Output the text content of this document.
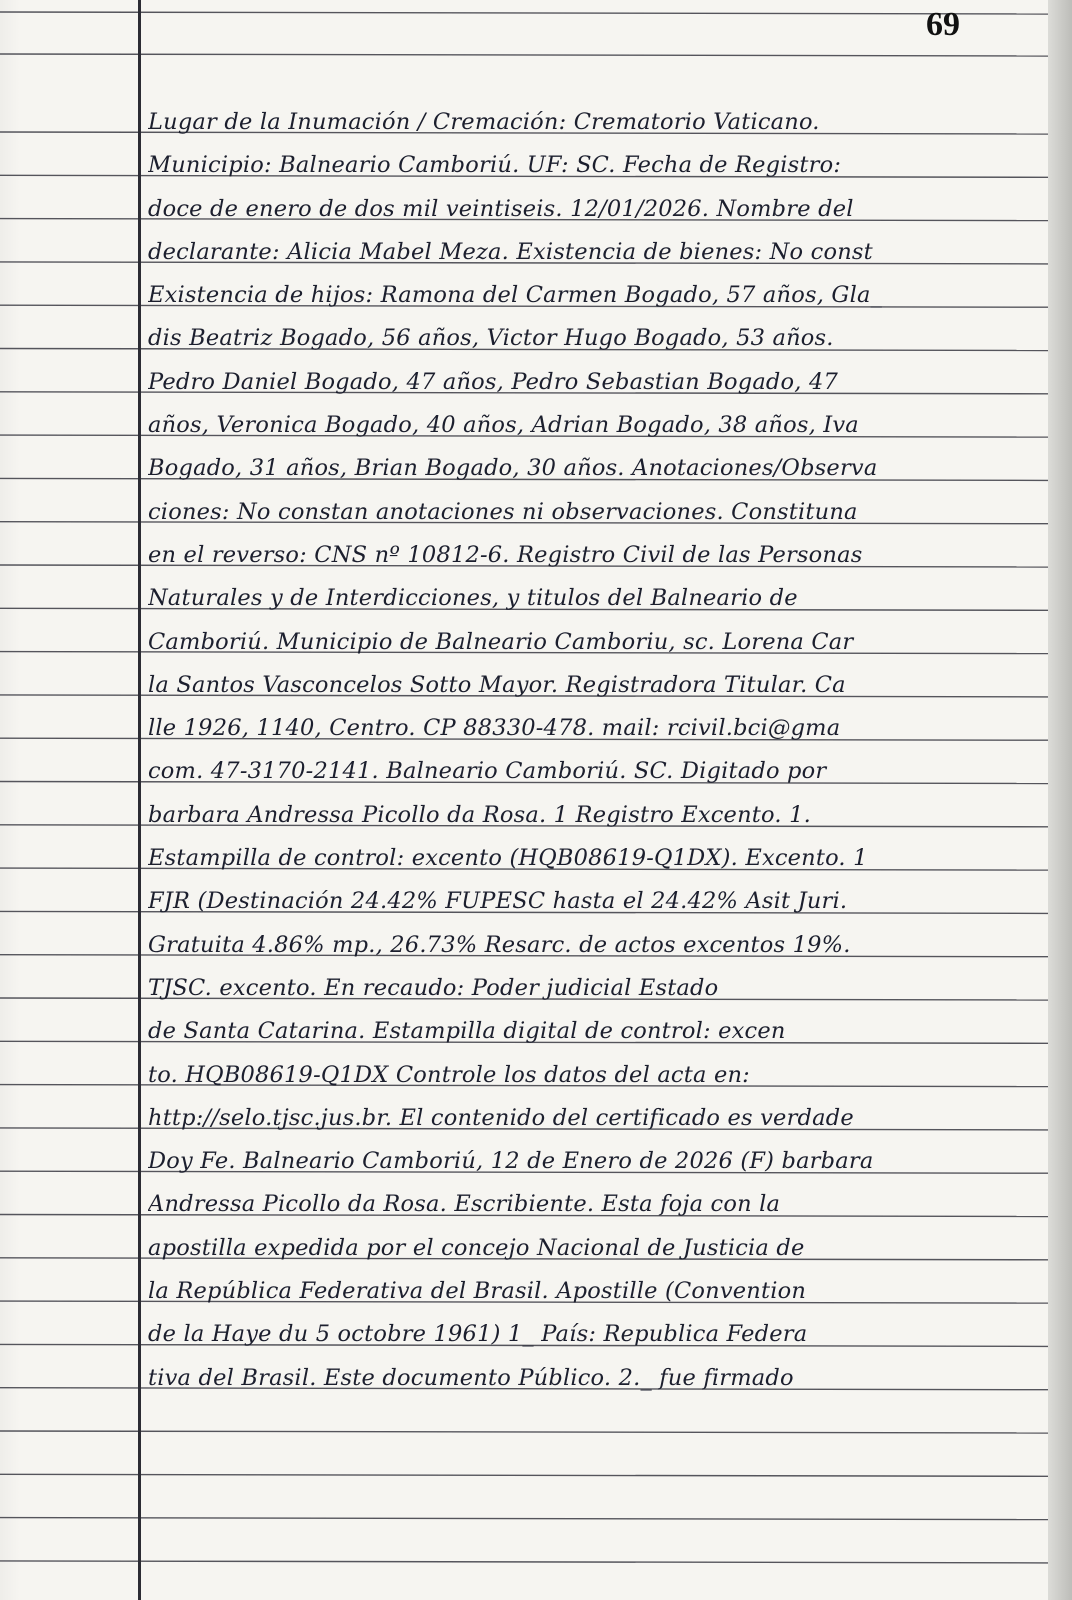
69
Lugar de la Inumación / Cremación: Crematorio Vaticano.
Municipio: Balneario Camboriú. UF: SC. Fecha de Registro:
doce de enero de dos mil veintiseis. 12/01/2026. Nombre del
declarante: Alicia Mabel Meza. Existencia de bienes: No const
Existencia de hijos: Ramona del Carmen Bogado, 57 años, Gla_
dis Beatriz Bogado, 56 años, Victor Hugo Bogado, 53 años.
Pedro Daniel Bogado, 47 años, Pedro Sebastian Bogado, 47
años, Veronica Bogado, 40 años, Adrian Bogado, 38 años, Iva
Bogado, 31 años, Brian Bogado, 30 años. Anotaciones/Observa
ciones: No constan anotaciones ni observaciones. Constituna
en el reverso: CNS nº 10812-6. Registro Civil de las Personas
Naturales y de Interdicciones, y titulos del Balneario de
Camboriú. Municipio de Balneario Camboriu, sc. Lorena Car
la Santos Vasconcelos Sotto Mayor. Registradora Titular. Ca
lle 1926, 1140, Centro. CP 88330-478. mail: rcivil.bci@gma
com. 47-3170-2141. Balneario Camboriú. SC. Digitado por
barbara Andressa Picollo da Rosa. 1 Registro Excento. 1.
Estampilla de control: excento (HQB08619-Q1DX). Excento. 1
FJR (Destinación 24.42% FUPESC hasta el 24.42% Asit Juri.
Gratuita 4.86% mp., 26.73% Resarc. de actos excentos 19%.
TJSC. excento. En recaudo: Poder judicial Estado
de Santa Catarina. Estampilla digital de control: excen
to. HQB08619-Q1DX Controle los datos del acta en:
http://selo.tjsc.jus.br. El contenido del certificado es verdade
Doy Fe. Balneario Camboriú, 12 de Enero de 2026 (F) barbara
Andressa Picollo da Rosa. Escribiente. Esta foja con la
apostilla expedida por el concejo Nacional de Justicia de
la República Federativa del Brasil. Apostille (Convention
de la Haye du 5 octobre 1961) 1_ País: Republica Federa
tiva del Brasil. Este documento Público. 2._ fue firmado
